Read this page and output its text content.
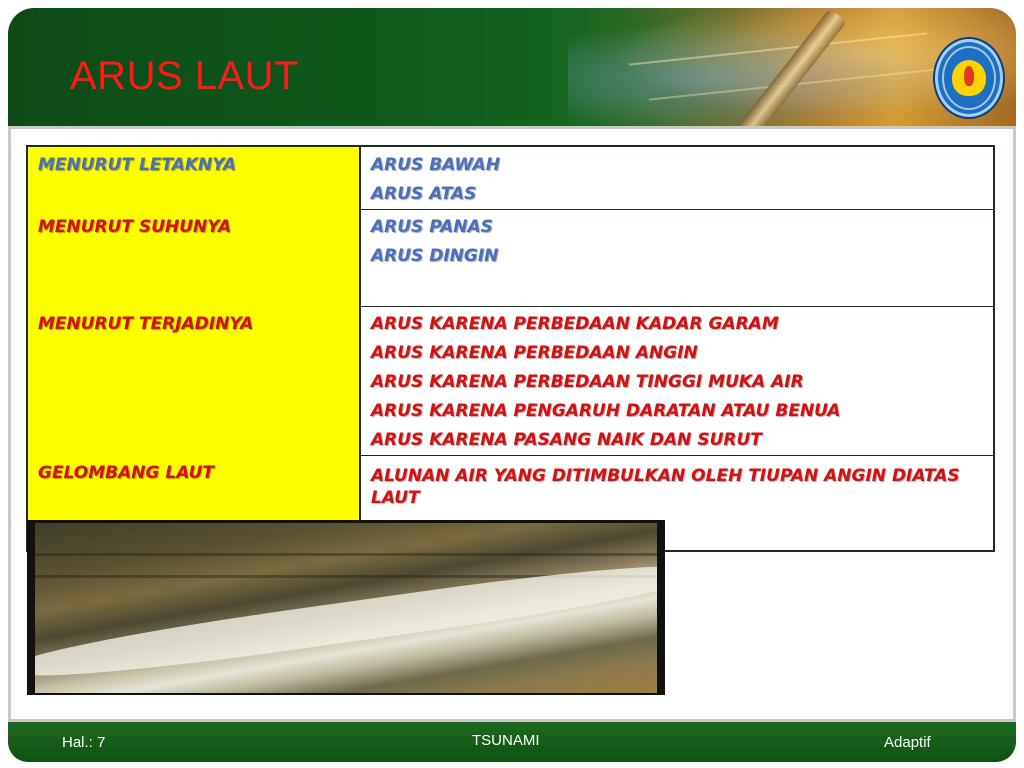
ARUS LAUT
MENURUT LETAKNYA	ARUS BAWAH
ARUS ATAS
MENURUT SUHUNYA	ARUS PANAS
ARUS DINGIN
MENURUT TERJADINYA	ARUS KARENA PERBEDAAN KADAR GARAM
ARUS KARENA PERBEDAAN ANGIN
ARUS KARENA PERBEDAAN TINGGI MUKA AIR
ARUS KARENA PENGARUH DARATAN ATAU BENUA
ARUS KARENA PASANG NAIK DAN SURUT
GELOMBANG LAUT	ALUNAN AIR YANG DITIMBULKAN OLEH TIUPAN ANGIN DIATAS LAUT
Hal.: 7	TSUNAMI	Adaptif
